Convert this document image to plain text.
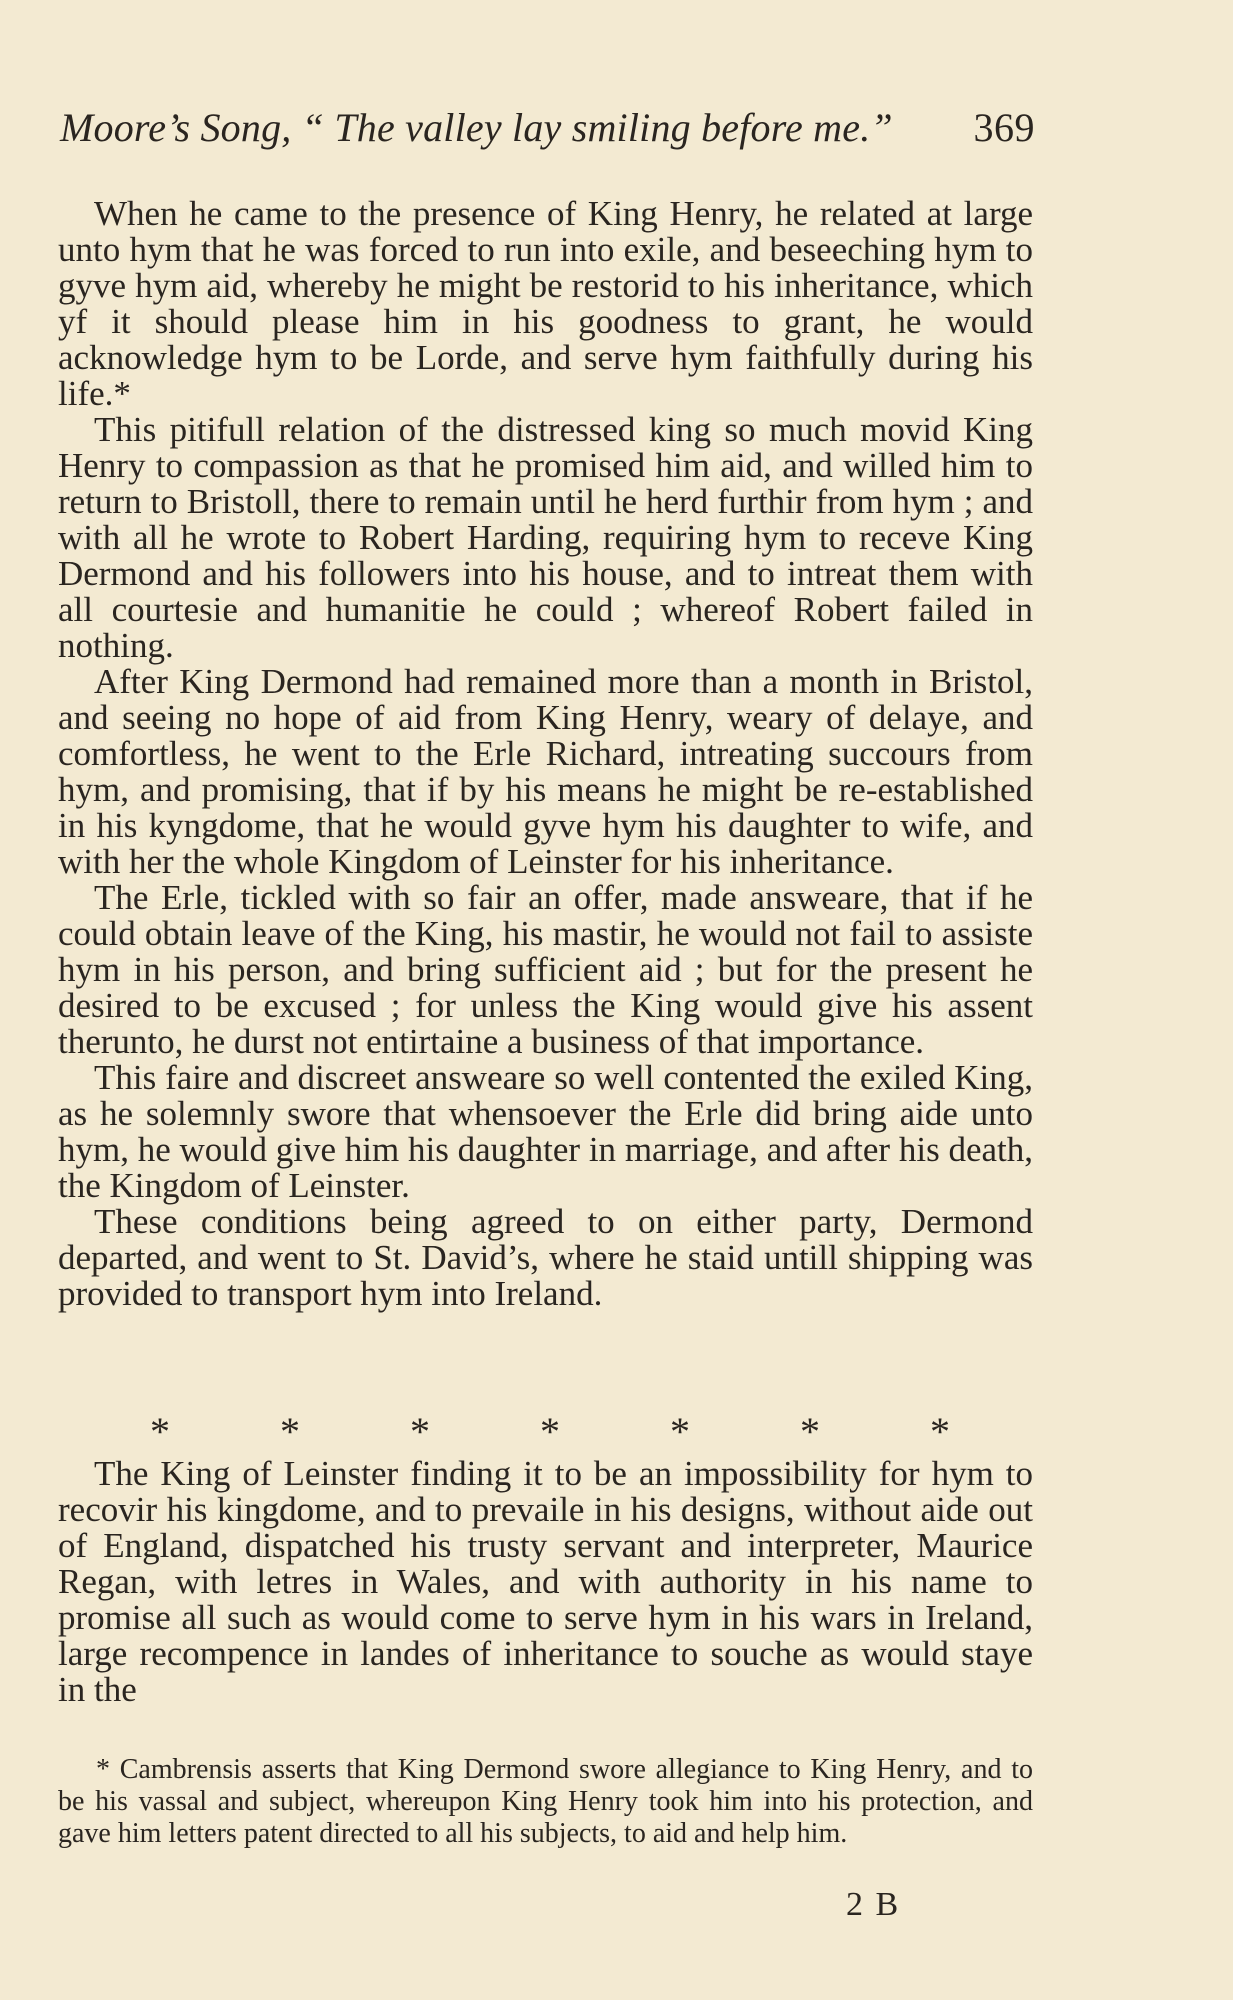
Moore’s Song, “ The valley lay smiling before me.” 369

When he came to the presence of King Henry, he related at large unto hym that he was forced to run into exile, and beseeching hym to gyve hym aid, whereby he might be restorid to his inheritance, which yf it should please him in his goodness to grant, he would acknowledge hym to be Lorde, and serve hym faithfully during his life.*

This pitifull relation of the distressed king so much movid King Henry to compassion as that he promised him aid, and willed him to return to Bristoll, there to remain until he herd furthir from hym ; and with all he wrote to Robert Harding, requiring hym to receve King Dermond and his followers into his house, and to intreat them with all courtesie and humanitie he could ; whereof Robert failed in nothing.

After King Dermond had remained more than a month in Bristol, and seeing no hope of aid from King Henry, weary of delaye, and comfortless, he went to the Erle Richard, intreating succours from hym, and promising, that if by his means he might be re-established in his kyngdome, that he would gyve hym his daughter to wife, and with her the whole Kingdom of Leinster for his inheritance.

The Erle, tickled with so fair an offer, made answeare, that if he could obtain leave of the King, his mastir, he would not fail to assiste hym in his person, and bring sufficient aid ; but for the present he desired to be excused ; for unless the King would give his assent therunto, he durst not entirtaine a business of that importance.

This faire and discreet answeare so well contented the exiled King, as he solemnly swore that whensoever the Erle did bring aide unto hym, he would give him his daughter in marriage, and after his death, the Kingdom of Leinster.

These conditions being agreed to on either party, Dermond departed, and went to St. David’s, where he staid untill shipping was provided to transport hym into Ireland.

*	*	*	*	*	*	*

The King of Leinster finding it to be an impossibility for hym to recovir his kingdome, and to prevaile in his designs, without aide out of England, dispatched his trusty servant and interpreter, Maurice Regan, with letres in Wales, and with authority in his name to promise all such as would come to serve hym in his wars in Ireland, large recompence in landes of inheritance to souche as would staye in the

* Cambrensis asserts that King Dermond swore allegiance to King Henry, and to be his vassal and subject, whereupon King Henry took him into his protection, and gave him letters patent directed to all his subjects, to aid and help him.

2 B
